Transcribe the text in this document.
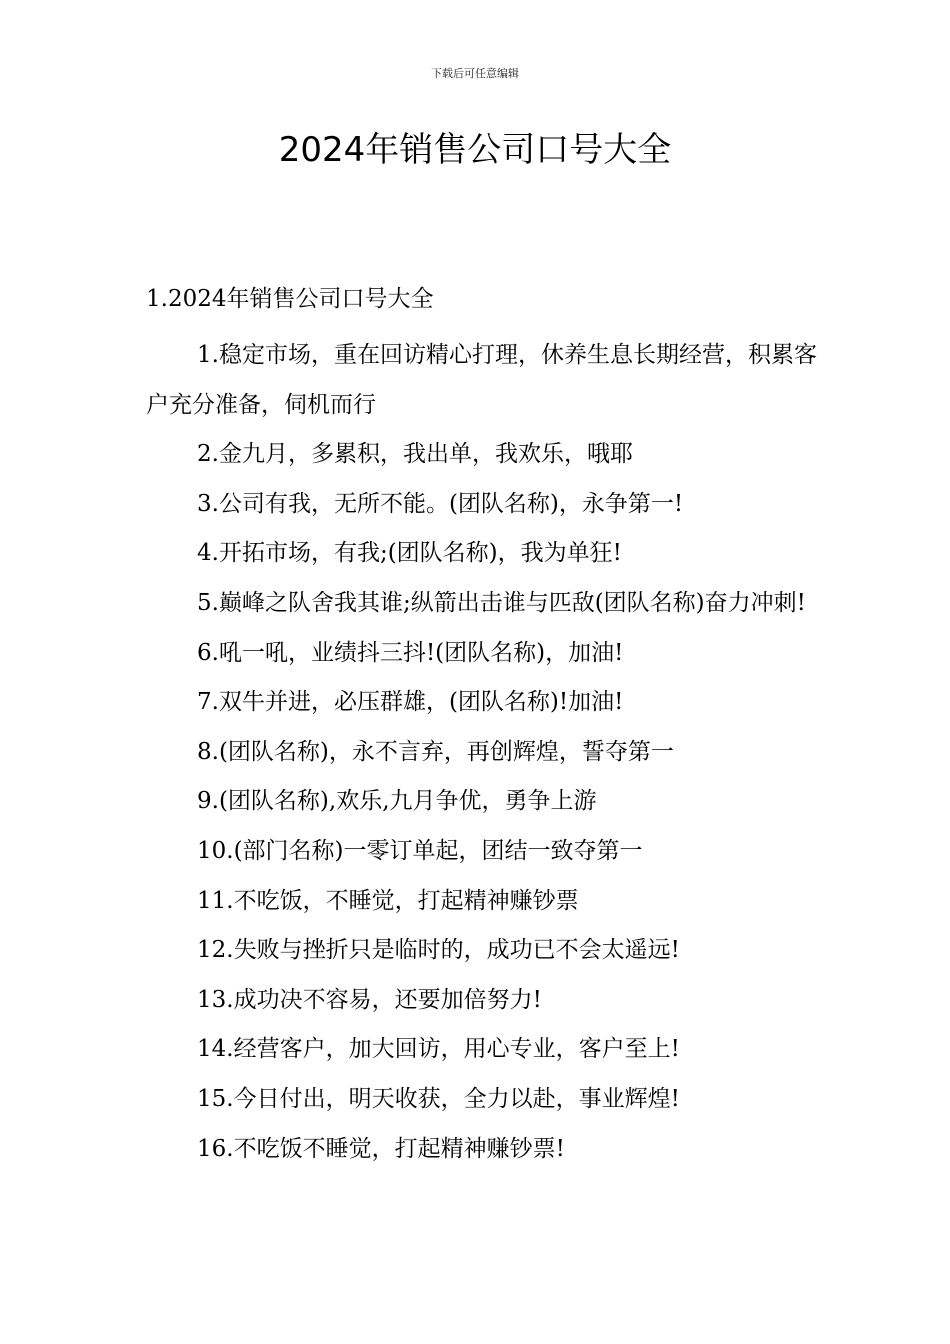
下载后可任意编辑
2024年销售公司口号大全

1.2024年销售公司口号大全

1.稳定市场，重在回访精心打理，休养生息长期经营，积累客户充分准备，伺机而行
2.金九月，多累积，我出单，我欢乐，哦耶
3.公司有我，无所不能。(团队名称)，永争第一!
4.开拓市场，有我;(团队名称)，我为单狂!
5.巅峰之队舍我其谁;纵箭出击谁与匹敌(团队名称)奋力冲刺!
6.吼一吼，业绩抖三抖!(团队名称)，加油!
7.双牛并进，必压群雄，(团队名称)!加油!
8.(团队名称)，永不言弃，再创辉煌，誓夺第一
9.(团队名称),欢乐,九月争优，勇争上游
10.(部门名称)一零订单起，团结一致夺第一
11.不吃饭，不睡觉，打起精神赚钞票
12.失败与挫折只是临时的，成功已不会太遥远!
13.成功决不容易，还要加倍努力!
14.经营客户，加大回访，用心专业，客户至上!
15.今日付出，明天收获，全力以赴，事业辉煌!
16.不吃饭不睡觉，打起精神赚钞票!
